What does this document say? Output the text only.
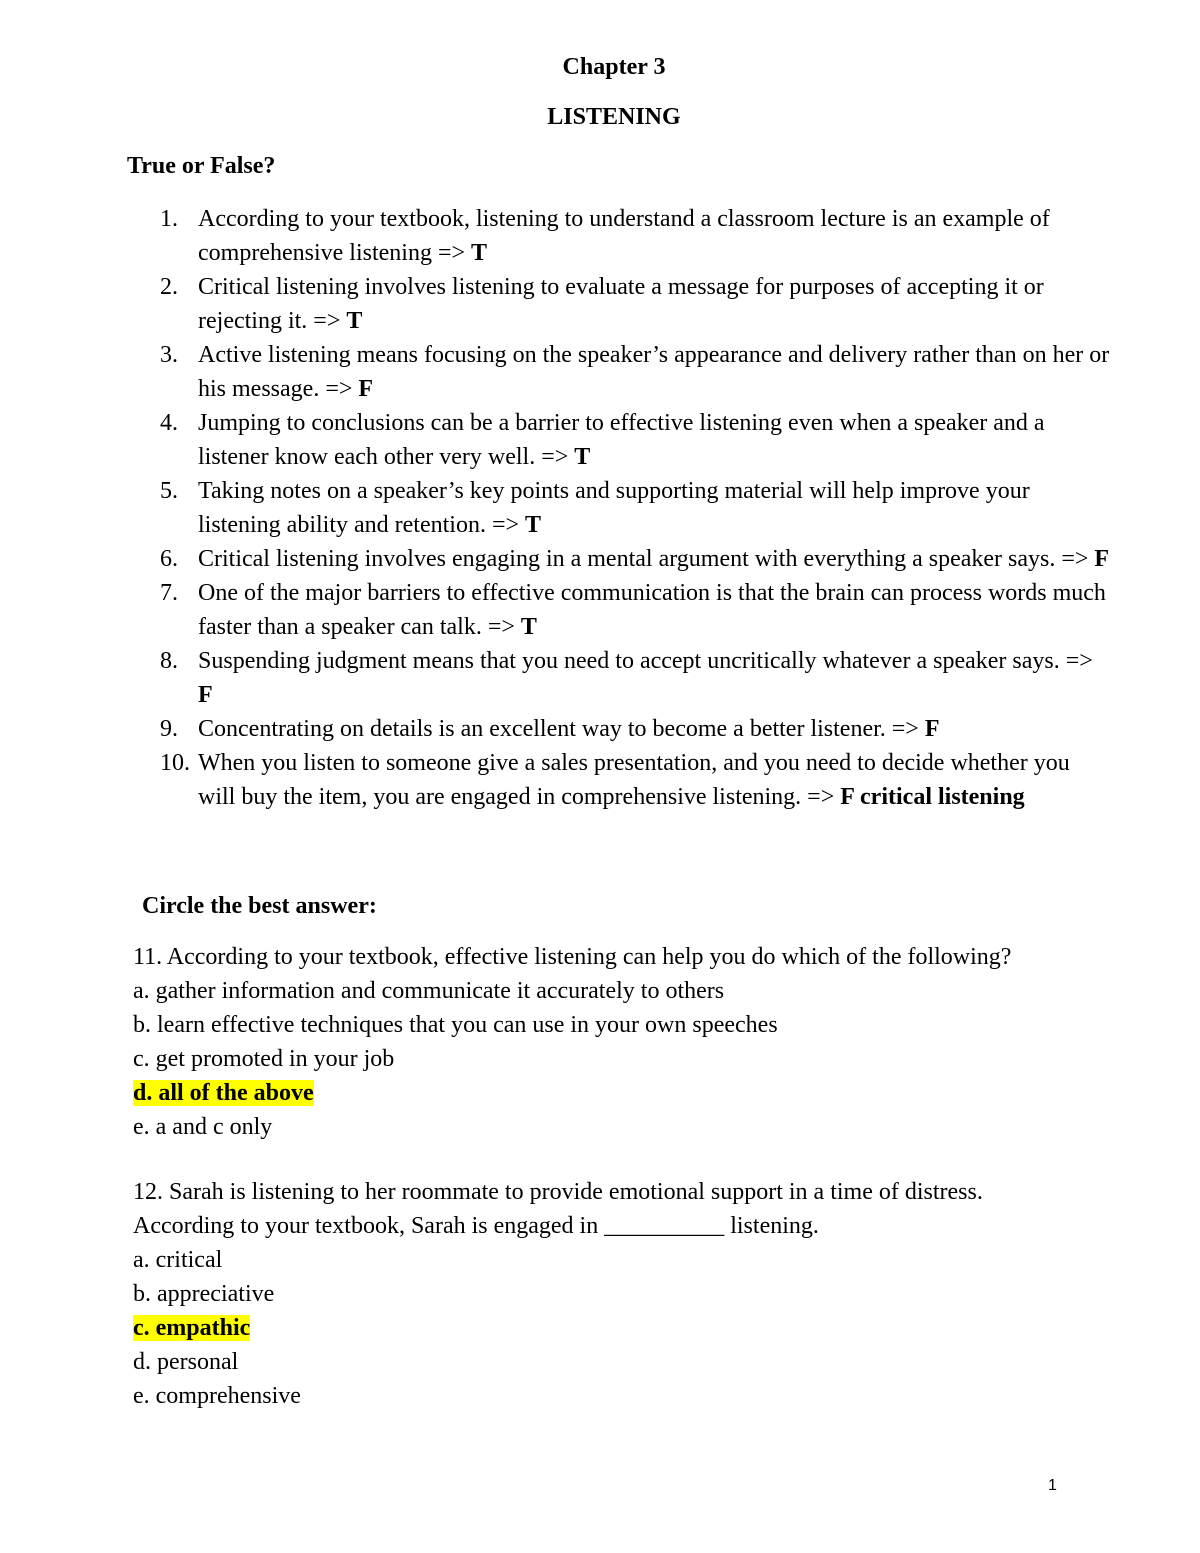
Chapter 3
LISTENING
True or False?
1. According to your textbook, listening to understand a classroom lecture is an example of comprehensive listening => T
2. Critical listening involves listening to evaluate a message for purposes of accepting it or rejecting it. => T
3. Active listening means focusing on the speaker’s appearance and delivery rather than on her or his message. => F
4. Jumping to conclusions can be a barrier to effective listening even when a speaker and a listener know each other very well. => T
5. Taking notes on a speaker’s key points and supporting material will help improve your listening ability and retention. => T
6. Critical listening involves engaging in a mental argument with everything a speaker says. => F
7. One of the major barriers to effective communication is that the brain can process words much faster than a speaker can talk. => T
8. Suspending judgment means that you need to accept uncritically whatever a speaker says. => F
9. Concentrating on details is an excellent way to become a better listener. => F
10. When you listen to someone give a sales presentation, and you need to decide whether you will buy the item, you are engaged in comprehensive listening. => F critical listening
Circle the best answer:
11. According to your textbook, effective listening can help you do which of the following?
a. gather information and communicate it accurately to others
b. learn effective techniques that you can use in your own speeches
c. get promoted in your job
d. all of the above
e. a and c only
12. Sarah is listening to her roommate to provide emotional support in a time of distress.
According to your textbook, Sarah is engaged in __________ listening.
a. critical
b. appreciative
c. empathic
d. personal
e. comprehensive
1
